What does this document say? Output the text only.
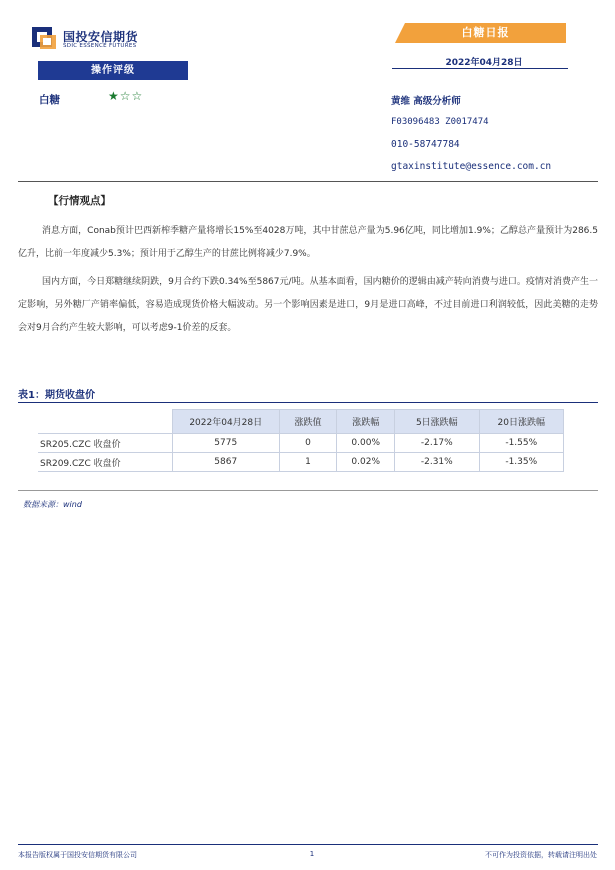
国投安信期货
SDIC ESSENCE FUTURES
白糖日报
2022年04月28日
操作评级
白糖	★☆☆	黄维 高级分析师
F03096483 Z0017474
010-58747784
gtaxinstitute@essence.com.cn
【行情观点】

消息方面，Conab预计巴西新榨季糖产量将增长15%至4028万吨，其中甘蔗总产量为5.96亿吨，同比增加1.9%；乙醇总产量预计为286.5亿升，比前一年度减少5.3%；预计用于乙醇生产的甘蔗比例将减少7.9%。

国内方面，今日郑糖继续阴跌，9月合约下跌0.34%至5867元/吨。从基本面看，国内糖价的逻辑由减产转向消费与进口。疫情对消费产生一定影响，另外糖厂产销率偏低，容易造成现货价格大幅波动。另一个影响因素是进口，9月是进口高峰，不过目前进口利润较低，因此美糖的走势会对9月合约产生较大影响，可以考虑9-1价差的反套。

表1：期货收盘价
	2022年04月28日	涨跌值	涨跌幅	5日涨跌幅	20日涨跌幅
SR205.CZC 收盘价	5775	0	0.00%	-2.17%	-1.55%
SR209.CZC 收盘价	5867	1	0.02%	-2.31%	-1.35%
数据来源：wind
本报告版权属于国投安信期货有限公司	1	不可作为投资依据，转载请注明出处
